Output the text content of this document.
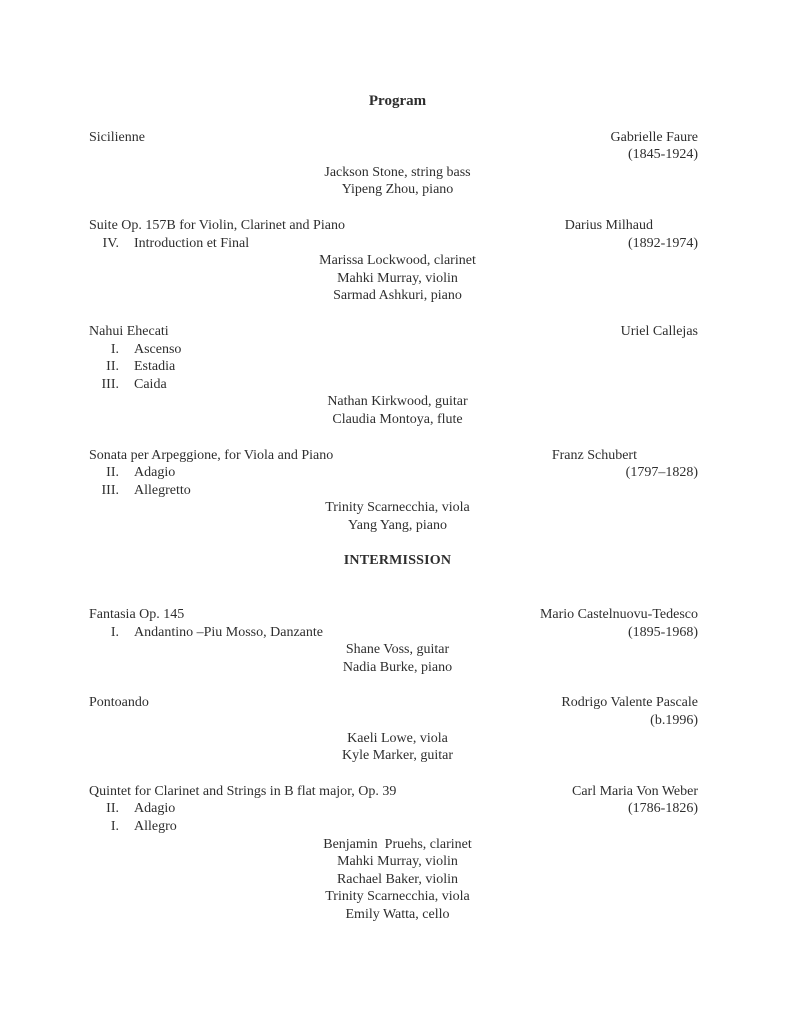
Program
Sicilienne	Gabrielle Faure
(1845-1924)
Jackson Stone, string bass
Yipeng Zhou, piano
Suite Op. 157B for Violin, Clarinet and Piano	Darius Milhaud
IV. Introduction et Final	(1892-1974)
Marissa Lockwood, clarinet
Mahki Murray, violin
Sarmad Ashkuri, piano
Nahui Ehecati	Uriel Callejas
I. Ascenso
II. Estadia
III. Caida
Nathan Kirkwood, guitar
Claudia Montoya, flute
Sonata per Arpeggione, for Viola and Piano	Franz Schubert
II. Adagio	(1797–1828)
III. Allegretto
Trinity Scarnecchia, viola
Yang Yang, piano
INTERMISSION
Fantasia Op. 145	Mario Castelnuovu-Tedesco
I. Andantino –Piu Mosso, Danzante	(1895-1968)
Shane Voss, guitar
Nadia Burke, piano
Pontoando	Rodrigo Valente Pascale
(b.1996)
Kaeli Lowe, viola
Kyle Marker, guitar
Quintet for Clarinet and Strings in B flat major, Op. 39	Carl Maria Von Weber
II. Adagio	(1786-1826)
I. Allegro
Benjamin  Pruehs, clarinet
Mahki Murray, violin
Rachael Baker, violin
Trinity Scarnecchia, viola
Emily Watta, cello
